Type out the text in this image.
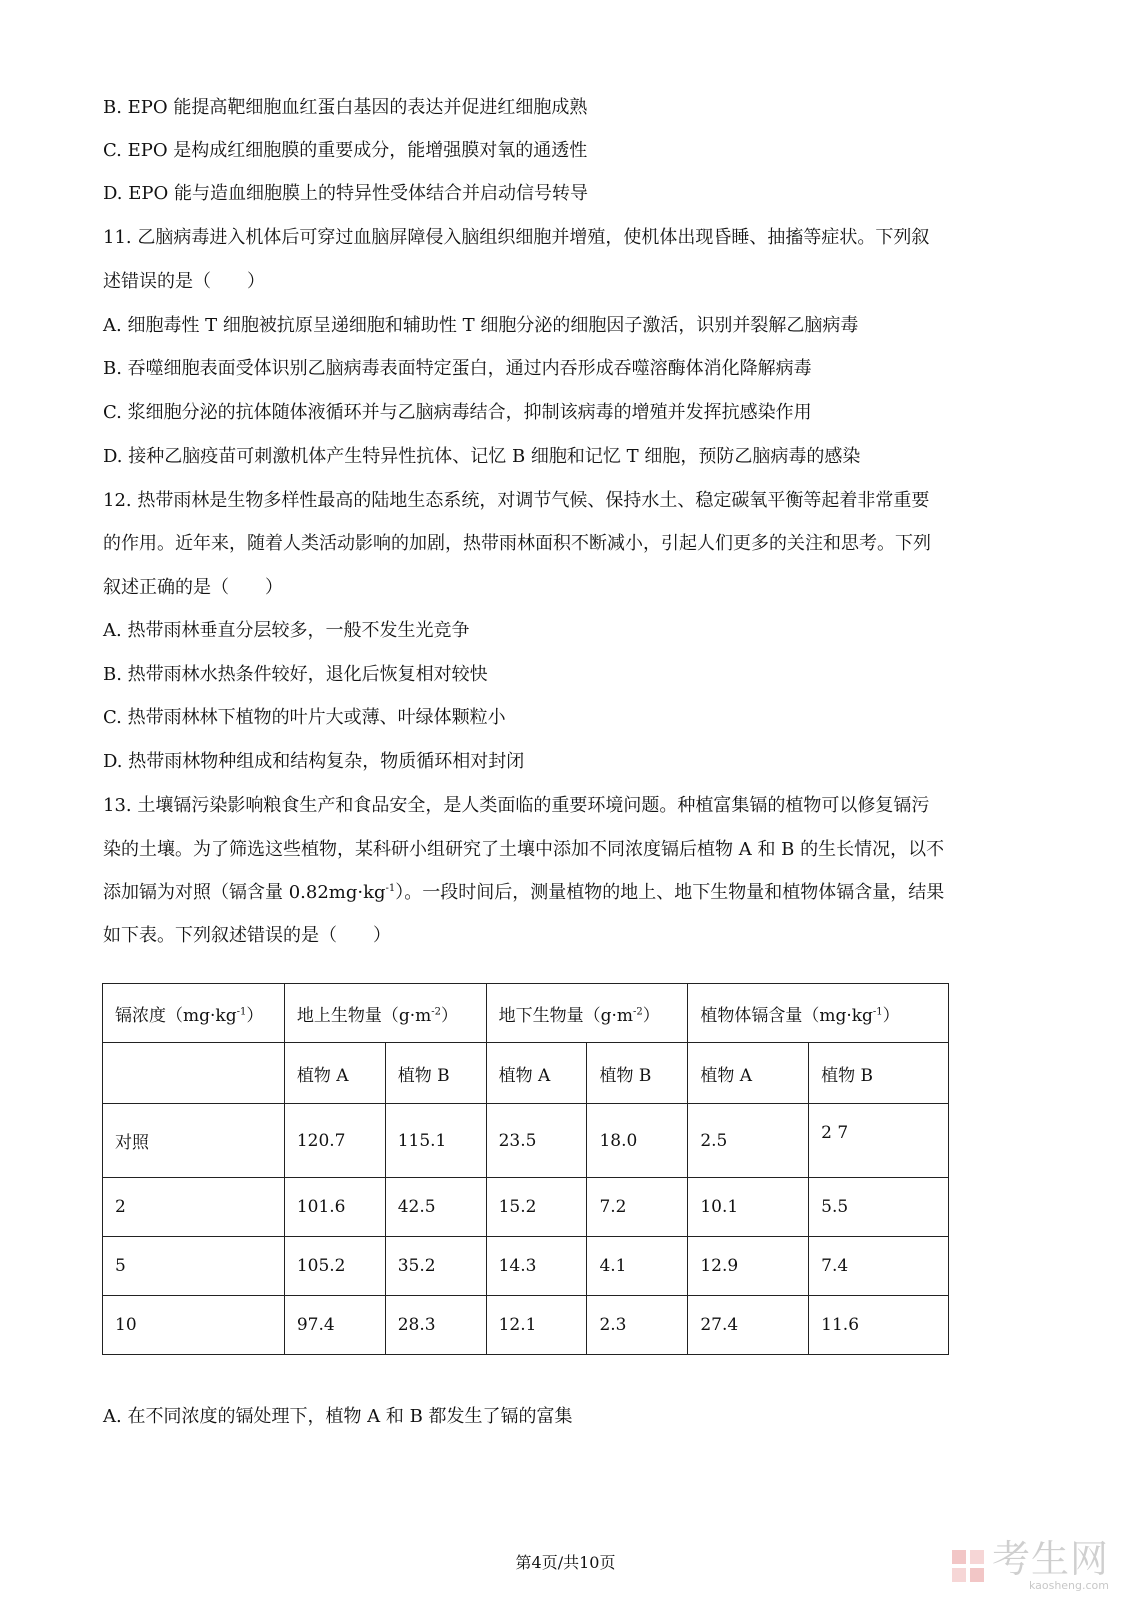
B. EPO 能提高靶细胞血红蛋白基因的表达并促进红细胞成熟
C. EPO 是构成红细胞膜的重要成分，能增强膜对氧的通透性
D. EPO 能与造血细胞膜上的特异性受体结合并启动信号转导
11. 乙脑病毒进入机体后可穿过血脑屏障侵入脑组织细胞并增殖，使机体出现昏睡、抽搐等症状。下列叙
述错误的是（　　）
A. 细胞毒性 T 细胞被抗原呈递细胞和辅助性 T 细胞分泌的细胞因子激活，识别并裂解乙脑病毒
B. 吞噬细胞表面受体识别乙脑病毒表面特定蛋白，通过内吞形成吞噬溶酶体消化降解病毒
C. 浆细胞分泌的抗体随体液循环并与乙脑病毒结合，抑制该病毒的增殖并发挥抗感染作用
D. 接种乙脑疫苗可刺激机体产生特异性抗体、记忆 B 细胞和记忆 T 细胞，预防乙脑病毒的感染
12. 热带雨林是生物多样性最高的陆地生态系统，对调节气候、保持水土、稳定碳氧平衡等起着非常重要
的作用。近年来，随着人类活动影响的加剧，热带雨林面积不断减小，引起人们更多的关注和思考。下列
叙述正确的是（　　）
A. 热带雨林垂直分层较多，一般不发生光竞争
B. 热带雨林水热条件较好，退化后恢复相对较快
C. 热带雨林林下植物的叶片大或薄、叶绿体颗粒小
D. 热带雨林物种组成和结构复杂，物质循环相对封闭
13. 土壤镉污染影响粮食生产和食品安全，是人类面临的重要环境问题。种植富集镉的植物可以修复镉污
染的土壤。为了筛选这些植物，某科研小组研究了土壤中添加不同浓度镉后植物 A 和 B 的生长情况，以不
添加镉为对照（镉含量 $0.82mg\cdot kg^{-1}$）。一段时间后，测量植物的地上、地下生物量和植物体镉含量，结果
如下表。下列叙述错误的是（　　）
镉浓度$(mg\cdot kg^{-1})$	地上生物量$(g\cdot m^{-2})$		地下生物量$(g\cdot m^{-2})$		植物体镉含量$(mg\cdot kg^{-1})$	
	植物 A	植物 B	植物 A	植物 B	植物 A	植物 B
对照	120.7	115.1	23.5	18.0	2.5	2 7
2	101.6	42.5	15.2	7.2	10.1	5.5
5	105.2	35.2	14.3	4.1	12.9	7.4
10	97.4	28.3	12.1	2.3	27.4	11.6
A. 在不同浓度的镉处理下，植物 A 和 B 都发生了镉的富集
第4页/共10页	考生网
kaosheng.com
